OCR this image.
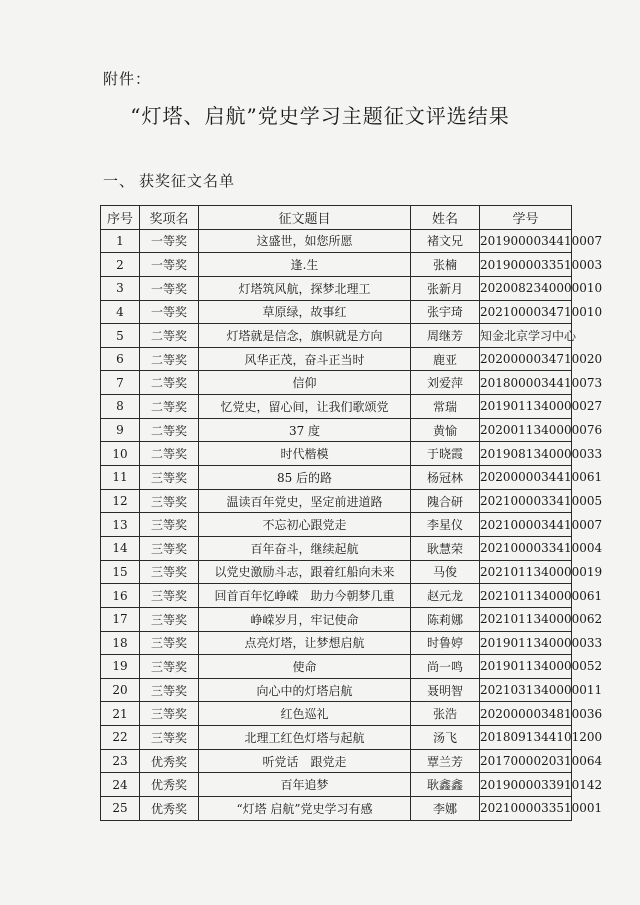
附件：
“灯塔、启航”党史学习主题征文评选结果
一、 获奖征文名单
序号	奖项名	征文题目	姓名	学号
1	一等奖	这盛世，如您所愿	褚文兄	2019000034410007
2	一等奖	逢.生	张楠	2019000033510003
3	一等奖	灯塔筑风航，探梦北理工	张新月	2020082340000010
4	一等奖	草原绿，故事红	张宇琦	2021000034710010
5	二等奖	灯塔就是信念，旗帜就是方向	周继芳	知金北京学习中心
6	二等奖	风华正茂，奋斗正当时	鹿亚	2020000034710020
7	二等奖	信仰	刘爱萍	2018000034410073
8	二等奖	忆党史，留心间，让我们歌颂党	常瑞	2019011340000027
9	二等奖	37 度	黄愉	2020011340000076
10	二等奖	时代楷模	于晓霞	2019081340000033
11	三等奖	85 后的路	杨冠林	2020000034410061
12	三等奖	温读百年党史，坚定前进道路	隗合研	2021000033410005
13	三等奖	不忘初心跟党走	李星仪	2021000034410007
14	三等奖	百年奋斗，继续起航	耿慧荣	2021000033410004
15	三等奖	以党史激励斗志，跟着红船向未来	马俊	2021011340000019
16	三等奖	回首百年忆峥嵘　助力今朝梦几重	赵元龙	2021011340000061
17	三等奖	峥嵘岁月，牢记使命	陈莉娜	2021011340000062
18	三等奖	点亮灯塔，让梦想启航	时鲁婷	2019011340000033
19	三等奖	使命	尚一鸣	2019011340000052
20	三等奖	向心中的灯塔启航	聂明智	2021031340000011
21	三等奖	红色巡礼	张浩	2020000034810036
22	三等奖	北理工红色灯塔与起航	汤飞	2018091344101200
23	优秀奖	听党话　跟党走	覃兰芳	2017000020310064
24	优秀奖	百年追梦	耿鑫鑫	2019000033910142
25	优秀奖	“灯塔 启航”党史学习有感	李娜	2021000033510001
